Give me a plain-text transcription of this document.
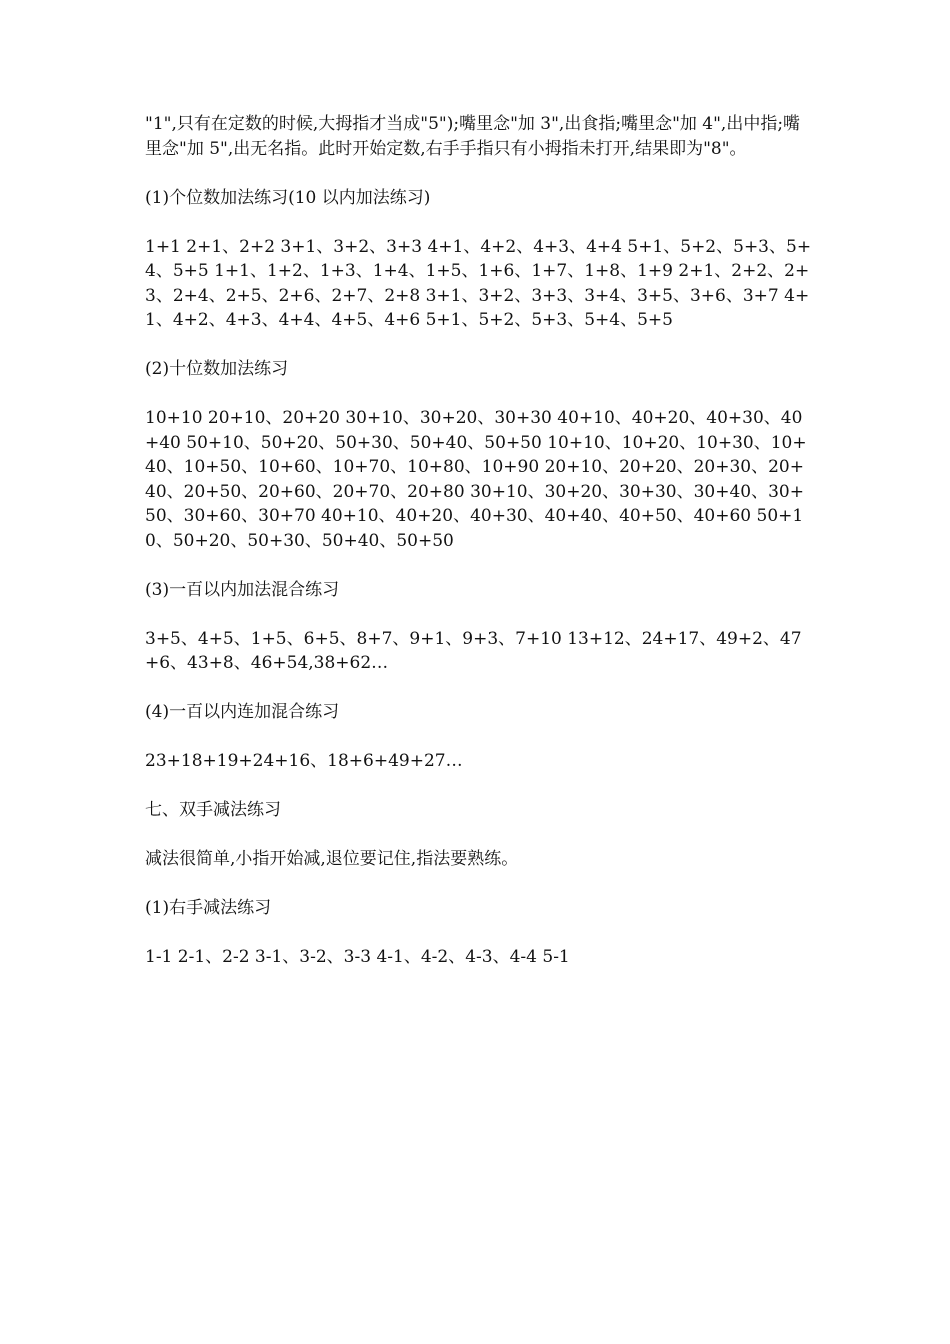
"1",只有在定数的时候,大拇指才当成"5");嘴里念"加 3",出食指;嘴里念"加 4",出中指;嘴里念"加 5",出无名指。此时开始定数,右手手指只有小拇指未打开,结果即为"8"。

(1)个位数加法练习(10 以内加法练习)

1+1 2+1、2+2 3+1、3+2、3+3 4+1、4+2、4+3、4+4 5+1、5+2、5+3、5+4、5+5 1+1、1+2、1+3、1+4、1+5、1+6、1+7、1+8、1+9 2+1、2+2、2+3、2+4、2+5、2+6、2+7、2+8 3+1、3+2、3+3、3+4、3+5、3+6、3+7 4+1、4+2、4+3、4+4、4+5、4+6 5+1、5+2、5+3、5+4、5+5

(2)十位数加法练习

10+10 20+10、20+20 30+10、30+20、30+30 40+10、40+20、40+30、40+40 50+10、50+20、50+30、50+40、50+50 10+10、10+20、10+30、10+40、10+50、10+60、10+70、10+80、10+90 20+10、20+20、20+30、20+40、20+50、20+60、20+70、20+80 30+10、30+20、30+30、30+40、30+50、30+60、30+70 40+10、40+20、40+30、40+40、40+50、40+60 50+10、50+20、50+30、50+40、50+50

(3)一百以内加法混合练习

3+5、4+5、1+5、6+5、8+7、9+1、9+3、7+10 13+12、24+17、49+2、47+6、43+8、46+54,38+62…

(4)一百以内连加混合练习

23+18+19+24+16、18+6+49+27…

七、双手减法练习

减法很简单,小指开始减,退位要记住,指法要熟练。

(1)右手减法练习

1-1 2-1、2-2 3-1、3-2、3-3 4-1、4-2、4-3、4-4 5-1
